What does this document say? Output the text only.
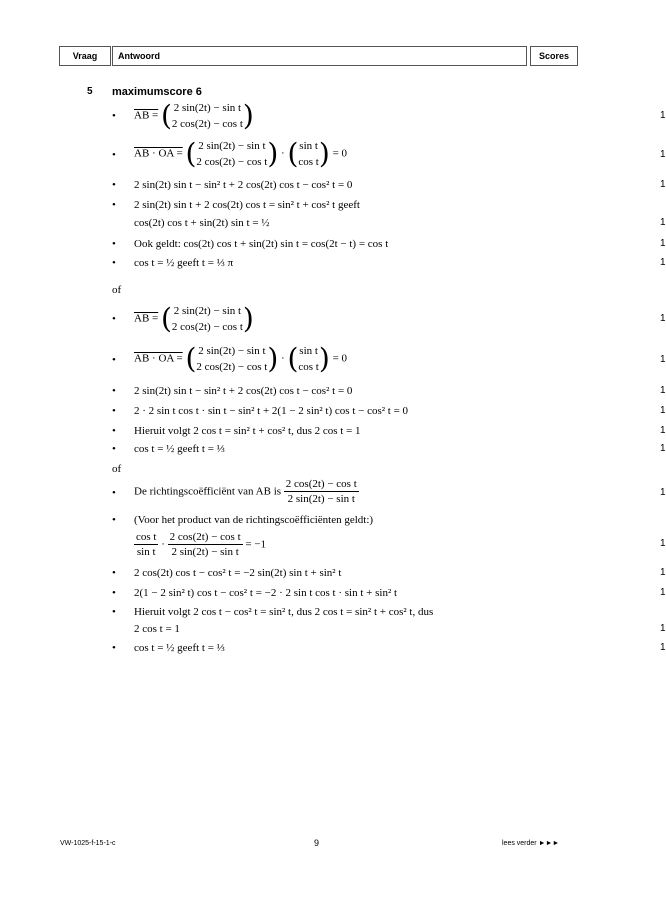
Vraag	Antwoord	Scores
5 maximumscore 6
• AB = ( 2 sin(2t) − sin t
2 cos(2t) − cos t )	1
• AB · OA = ( 2 sin(2t) − sin t
2 cos(2t) − cos t ) · ( sin t
cos t ) = 0	1
• 2 sin(2t) sin t − sin² t + 2 cos(2t) cos t − cos² t = 0	1
• 2 sin(2t) sin t + 2 cos(2t) cos t = sin² t + cos² t geeft
cos(2t) cos t + sin(2t) sin t = ½	1
• Ook geldt: cos(2t) cos t + sin(2t) sin t = cos(2t − t) = cos t	1
• cos t = ½ geeft t = ⅓ π	1
of
• AB = ( 2 sin(2t) − sin t
2 cos(2t) − cos t )	1
• AB · OA = ( 2 sin(2t) − sin t
2 cos(2t) − cos t ) · ( sin t
cos t ) = 0	1
• 2 sin(2t) sin t − sin² t + 2 cos(2t) cos t − cos² t = 0	1
• 2 · 2 sin t cos t · sin t − sin² t + 2(1 − 2 sin² t) cos t − cos² t = 0	1
• Hieruit volgt 2 cos t = sin² t + cos² t, dus 2 cos t = 1	1
• cos t = ½ geeft t = ⅓	1
of
• De richtingscoëfficiënt van AB is $\frac{\text{2 cos(2t) − cos t}}{\text{2 sin(2t) − sin t}}$	1
• (Voor het product van de richtingscoëfficiënten geldt:)
$\frac{\text{cos t}}{\text{sin t}} \cdot \frac{\text{2 cos(2t) − cos t}}{\text{2 sin(2t) − sin t}} = -1$	1
• 2 cos(2t) cos t − cos² t = −2 sin(2t) sin t + sin² t	1
• 2(1 − 2 sin² t) cos t − cos² t = −2 · 2 sin t cos t · sin t + sin² t	1
• Hieruit volgt 2 cos t − cos² t = sin² t, dus 2 cos t = sin² t + cos² t, dus
2 cos t = 1	1
• cos t = ½ geeft t = ⅓	1
VW-1025-f-15-1-c	9	lees verder ►►►
